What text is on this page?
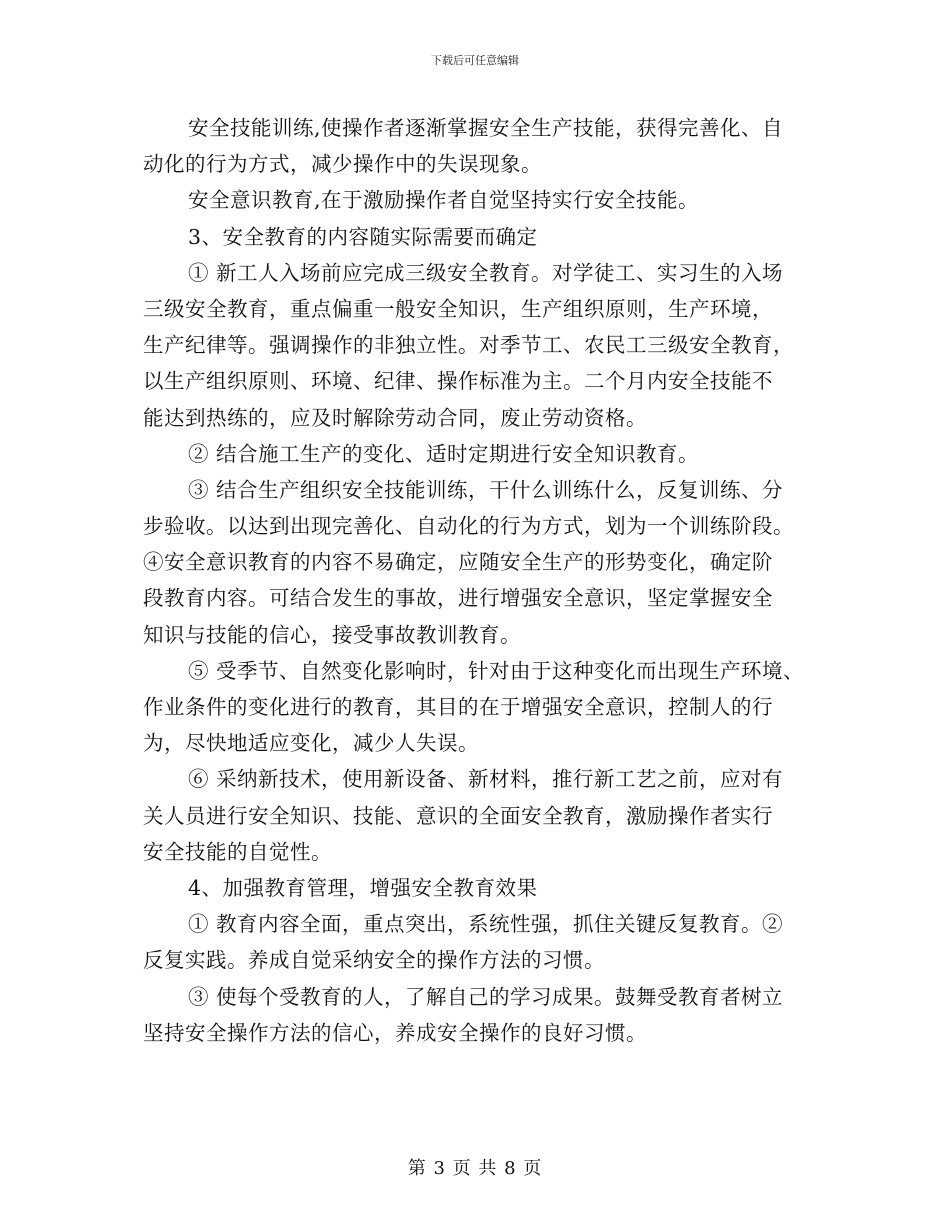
下载后可任意编辑
安全技能训练,使操作者逐渐掌握安全生产技能，获得完善化、自
动化的行为方式，减少操作中的失误现象。
安全意识教育,在于激励操作者自觉坚持实行安全技能。
3、安全教育的内容随实际需要而确定
① 新工人入场前应完成三级安全教育。对学徒工、实习生的入场
三级安全教育，重点偏重一般安全知识，生产组织原则，生产环境，
生产纪律等。强调操作的非独立性。对季节工、农民工三级安全教育，
以生产组织原则、环境、纪律、操作标准为主。二个月内安全技能不
能达到热练的，应及时解除劳动合同，废止劳动资格。
② 结合施工生产的变化、适时定期进行安全知识教育。
③ 结合生产组织安全技能训练，干什么训练什么，反复训练、分
步验收。以达到出现完善化、自动化的行为方式，划为一个训练阶段。
④安全意识教育的内容不易确定，应随安全生产的形势变化，确定阶
段教育内容。可结合发生的事故，进行增强安全意识，坚定掌握安全
知识与技能的信心，接受事故教训教育。
⑤ 受季节、自然变化影响时，针对由于这种变化而出现生产环境、
作业条件的变化进行的教育，其目的在于增强安全意识，控制人的行
为，尽快地适应变化，减少人失误。
⑥ 采纳新技术，使用新设备、新材料，推行新工艺之前，应对有
关人员进行安全知识、技能、意识的全面安全教育，激励操作者实行
安全技能的自觉性。
4、加强教育管理，增强安全教育效果
① 教育内容全面，重点突出，系统性强，抓住关键反复教育。②
反复实践。养成自觉采纳安全的操作方法的习惯。
③ 使每个受教育的人，了解自己的学习成果。鼓舞受教育者树立
坚持安全操作方法的信心，养成安全操作的良好习惯。
第 3 页 共 8 页
